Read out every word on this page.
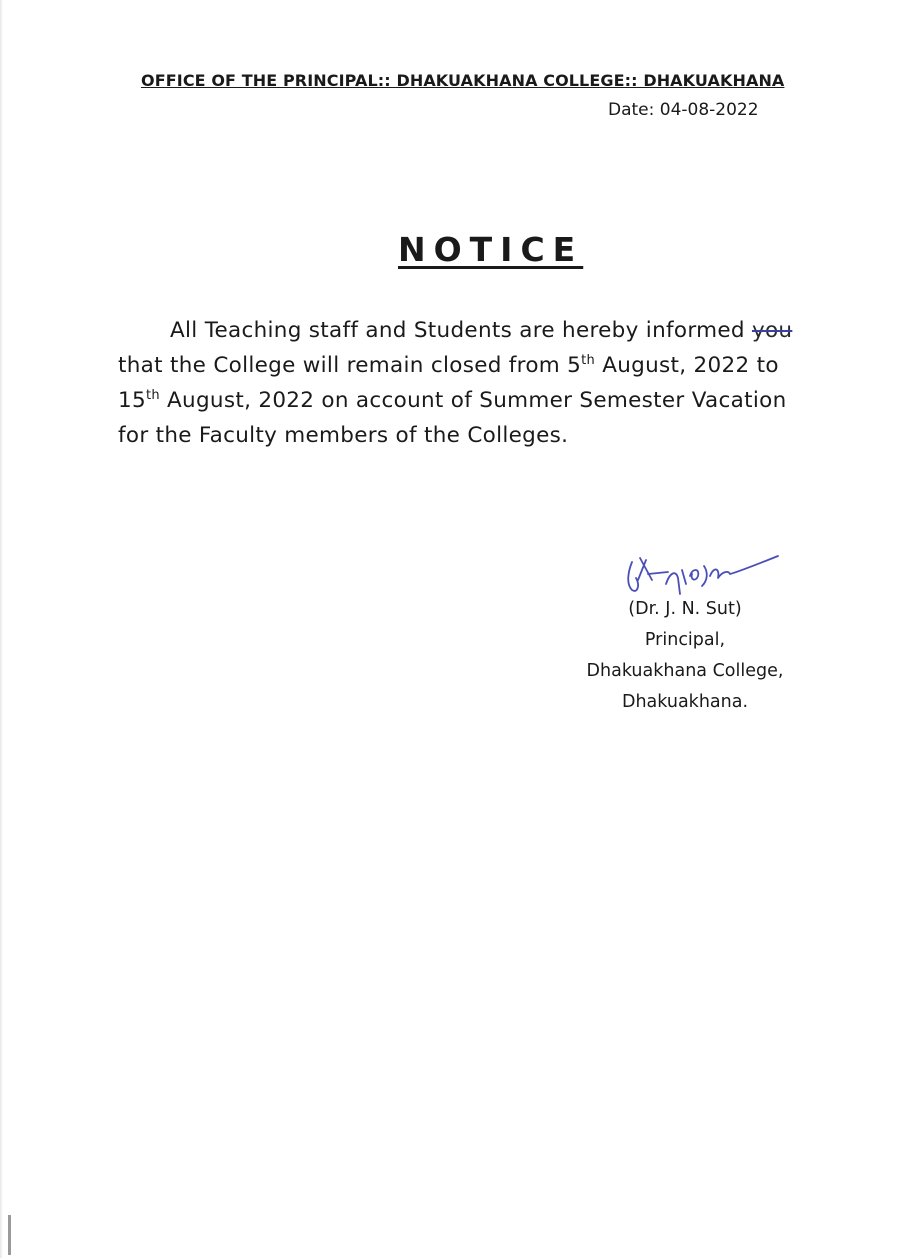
OFFICE OF THE PRINCIPAL:: DHAKUAKHANA COLLEGE:: DHAKUAKHANA
Date: 04-08-2022
NOTICE
All Teaching staff and Students are hereby informed you
that the College will remain closed from 5th August, 2022 to
15th August, 2022 on account of Summer Semester Vacation
for the Faculty members of the Colleges.
(Dr. J. N. Sut)
Principal,
Dhakuakhana College,
Dhakuakhana.
